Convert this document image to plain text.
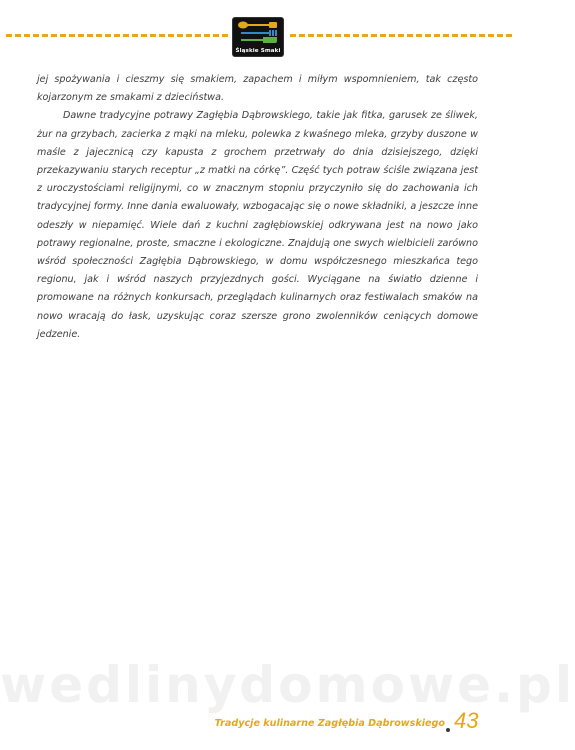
Śląskie Smaki

jej spożywania i cieszmy się smakiem, zapachem i miłym wspomnieniem, tak często kojarzonym ze smakami z dzieciństwa.

Dawne tradycyjne potrawy Zagłębia Dąbrowskiego, takie jak fitka, garusek ze śliwek, żur na grzybach, zacierka z mąki na mleku, polewka z kwaśnego mleka, grzyby duszone w maśle z jajecznicą czy kapusta z grochem przetrwały do dnia dzisiejszego, dzięki przekazywaniu starych receptur „z matki na córkę”. Część tych potraw ściśle związana jest z uroczystościami religijnymi, co w znacznym stopniu przyczyniło się do zachowania ich tradycyjnej formy. Inne dania ewaluowały, wzbogacając się o nowe składniki, a jeszcze inne odeszły w niepamięć. Wiele dań z kuchni zagłębiowskiej odkrywana jest na nowo jako potrawy regionalne, proste, smaczne i ekologiczne. Znajdują one swych wielbicieli zarówno wśród społeczności Zagłębia Dąbrowskiego, w domu współczesnego mieszkańca tego regionu, jak i wśród naszych przyjezdnych gości. Wyciągane na światło dzienne i promowane na różnych konkursach, przeglądach kulinarnych oraz festiwalach smaków na nowo wracają do łask, uzyskując coraz szersze grono zwolenników ceniących domowe jedzenie.

wedlinydomowe.pl
Tradycje kulinarne Zagłębia Dąbrowskiego 43
